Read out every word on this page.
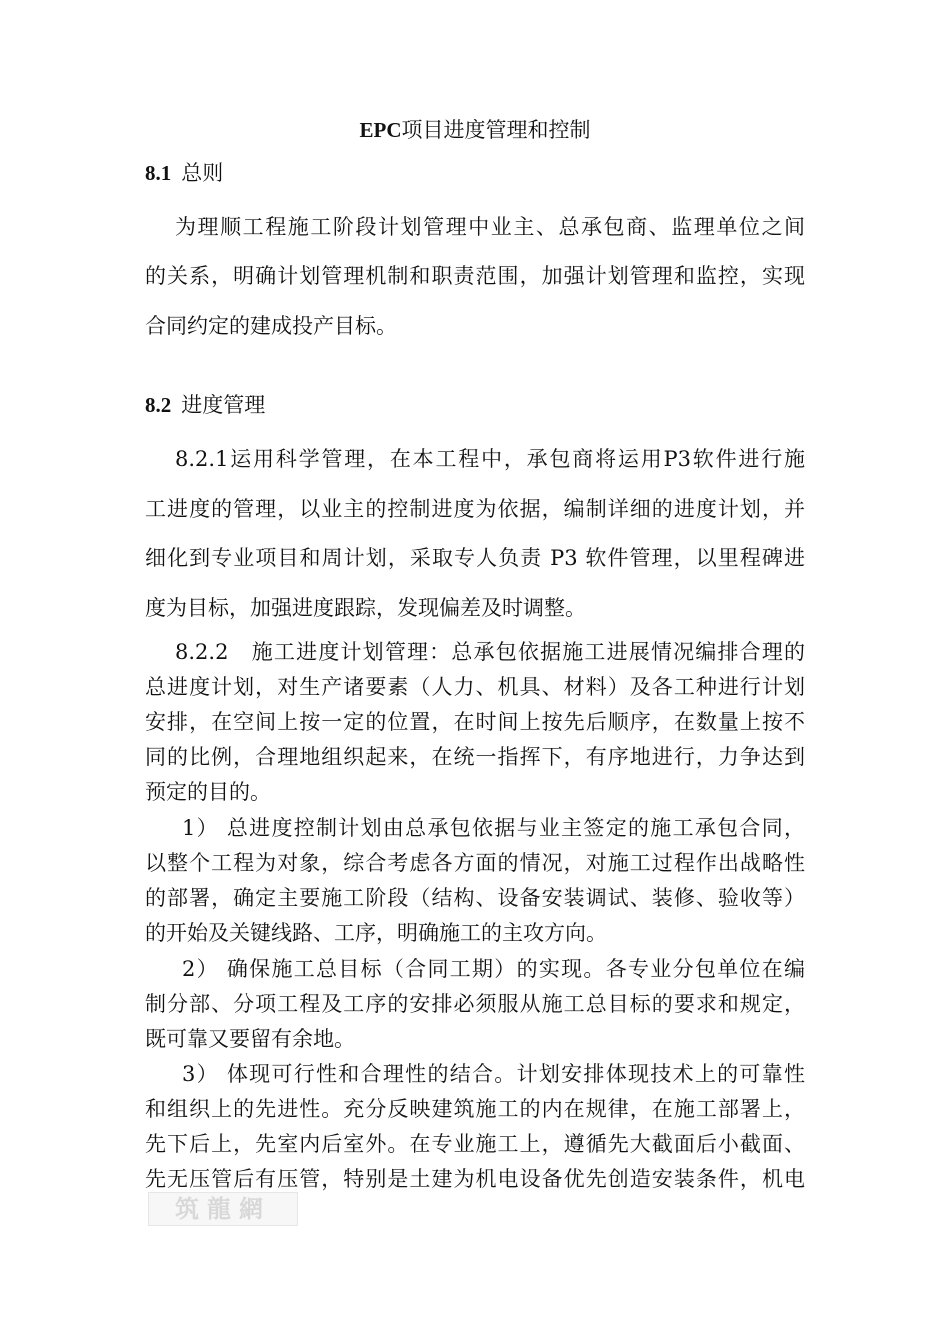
EPC项目进度管理和控制
8.1 总则
为理顺工程施工阶段计划管理中业主、总承包商、监理单位之间
的关系，明确计划管理机制和职责范围，加强计划管理和监控，实现
合同约定的建成投产目标。
8.2 进度管理
8.2.1运用科学管理，在本工程中，承包商将运用P3软件进行施
工进度的管理，以业主的控制进度为依据，编制详细的进度计划，并
细化到专业项目和周计划，采取专人负责 P3 软件管理，以里程碑进
度为目标，加强进度跟踪，发现偏差及时调整。
8.2.2　施工进度计划管理：总承包依据施工进展情况编排合理的
总进度计划，对生产诸要素（人力、机具、材料）及各工种进行计划
安排，在空间上按一定的位置，在时间上按先后顺序，在数量上按不
同的比例，合理地组织起来，在统一指挥下，有序地进行，力争达到
预定的目的。
1） 总进度控制计划由总承包依据与业主签定的施工承包合同，
以整个工程为对象，综合考虑各方面的情况，对施工过程作出战略性
的部署，确定主要施工阶段（结构、设备安装调试、装修、验收等）
的开始及关键线路、工序，明确施工的主攻方向。
2） 确保施工总目标（合同工期）的实现。各专业分包单位在编
制分部、分项工程及工序的安排必须服从施工总目标的要求和规定，
既可靠又要留有余地。
3） 体现可行性和合理性的结合。计划安排体现技术上的可靠性
和组织上的先进性。充分反映建筑施工的内在规律，在施工部署上，
先下后上，先室内后室外。在专业施工上，遵循先大截面后小截面、
先无压管后有压管，特别是土建为机电设备优先创造安装条件，机电
筑龍網
